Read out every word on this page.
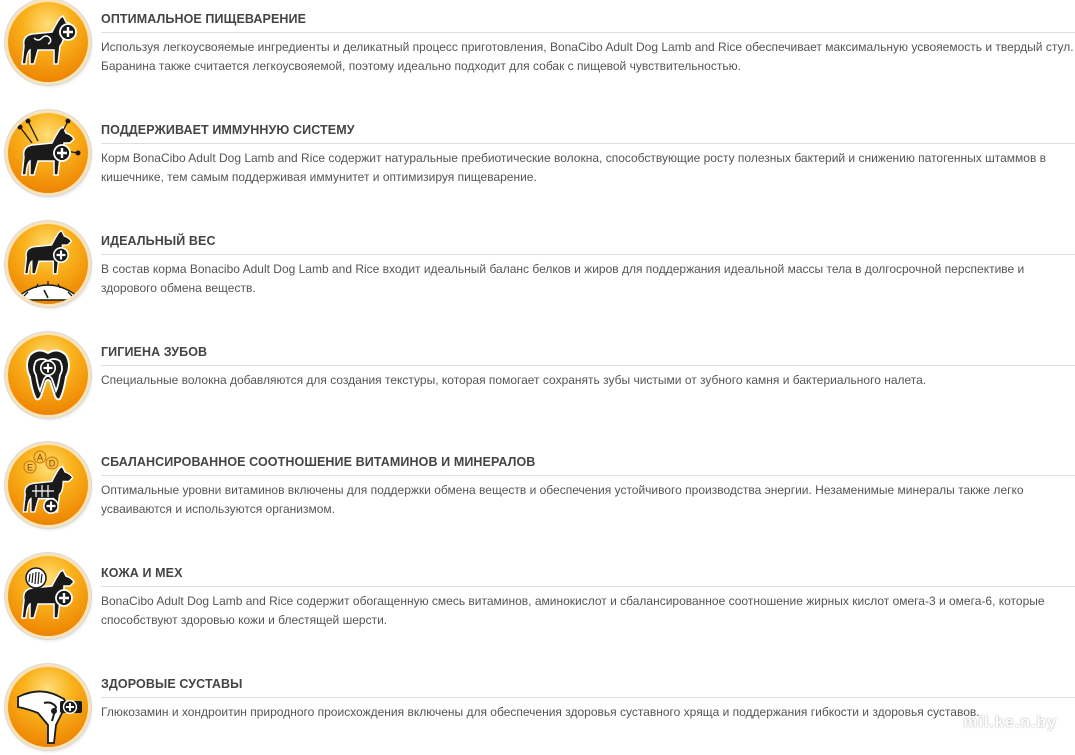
ОПТИМАЛЬНОЕ ПИЩЕВАРЕНИЕ
Используя легкоусвояемые ингредиенты и деликатный процесс приготовления, BonaCibo Adult Dog Lamb and Rice обеспечивает максимальную усвояемость и твердый стул. Баранина также считается легкоусвояемой, поэтому идеально подходит для собак с пищевой чувствительностью.
ПОДДЕРЖИВАЕТ ИММУННУЮ СИСТЕМУ
Корм BonaCibo Adult Dog Lamb and Rice содержит натуральные пребиотические волокна, способствующие росту полезных бактерий и снижению патогенных штаммов в кишечнике, тем самым поддерживая иммунитет и оптимизируя пищеварение.
ИДЕАЛЬНЫЙ ВЕС
В состав корма Bonacibo Adult Dog Lamb and Rice входит идеальный баланс белков и жиров для поддержания идеальной массы тела в долгосрочной перспективе и здорового обмена веществ.
ГИГИЕНА ЗУБОВ
Специальные волокна добавляются для создания текстуры, которая помогает сохранять зубы чистыми от зубного камня и бактериального налета.
E
A
D	СБАЛАНСИРОВАННОЕ СООТНОШЕНИЕ ВИТАМИНОВ И МИНЕРАЛОВ
Оптимальные уровни витаминов включены для поддержки обмена веществ и обеспечения устойчивого производства энергии. Незаменимые минералы также легко усваиваются и используются организмом.
КОЖА И МЕХ
BonaCibo Adult Dog Lamb and Rice содержит обогащенную смесь витаминов, аминокислот и сбалансированное соотношение жирных кислот омега-3 и омега-6, которые способствуют здоровью кожи и блестящей шерсти.
ЗДОРОВЫЕ СУСТАВЫ
Глюкозамин и хондроитин природного происхождения включены для обеспечения здоровья суставного хряща и поддержания гибкости и здоровья суставов.
mil.ke.n.by
